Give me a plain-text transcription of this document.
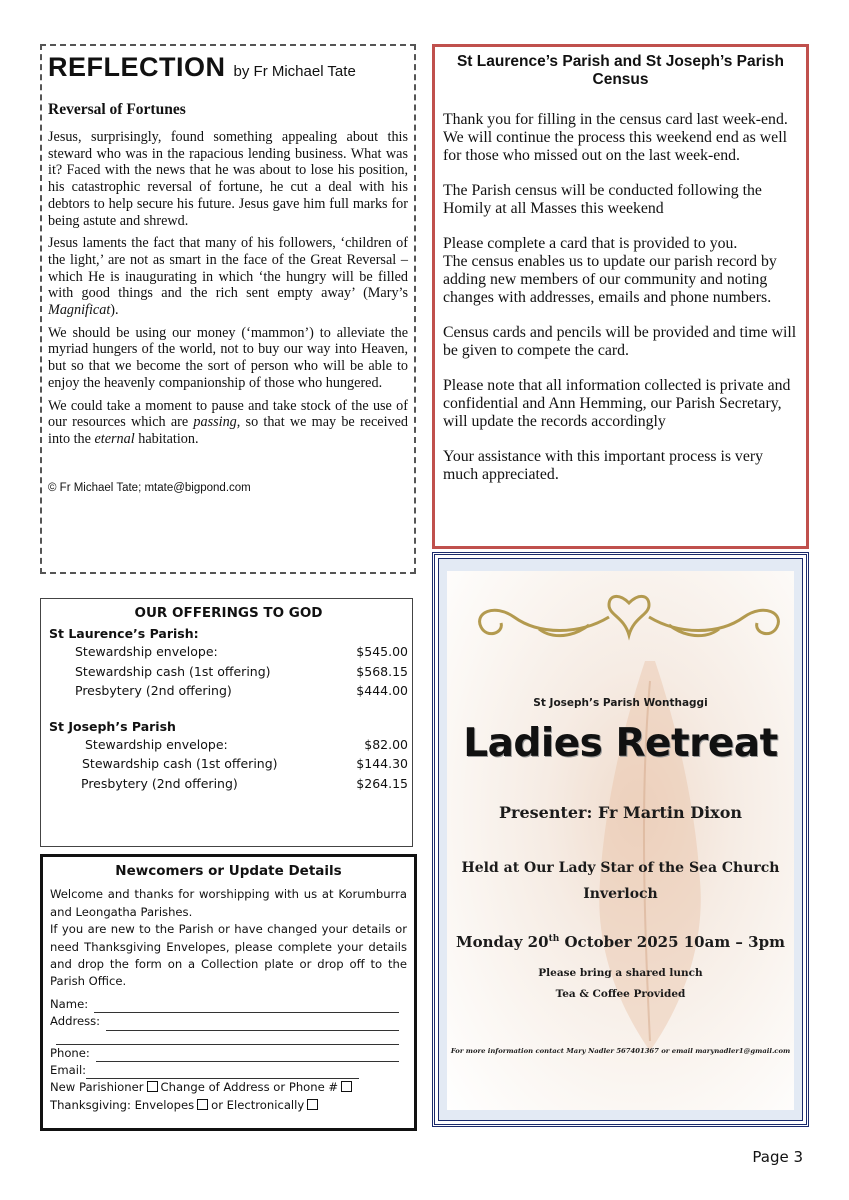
REFLECTION by Fr Michael Tate
Reversal of Fortunes

Jesus, surprisingly, found something appealing about this steward who was in the rapacious lending business. What was it? Faced with the news that he was about to lose his position, his catastrophic reversal of fortune, he cut a deal with his debtors to help secure his future. Jesus gave him full marks for being astute and shrewd.

Jesus laments the fact that many of his followers, ‘children of the light,’ are not as smart in the face of the Great Reversal – which He is inaugurating in which ‘the hungry will be filled with good things and the rich sent empty away’ (Mary’s Magnificat).

We should be using our money (‘mammon’) to alleviate the myriad hungers of the world, not to buy our way into Heaven, but so that we become the sort of person who will be able to enjoy the heavenly companionship of those who hungered.

We could take a moment to pause and take stock of the use of our resources which are passing, so that we may be received into the eternal habitation.

© Fr Michael Tate; mtate@bigpond.com
St Laurence’s Parish and St Joseph’s Parish Census

Thank you for filling in the census card last week-end. We will continue the process this weekend end as well for those who missed out on the last week-end.

The Parish census will be conducted following the Homily at all Masses this weekend

Please complete a card that is provided to you.
The census enables us to update our parish record by adding new members of our community and noting changes with addresses, emails and phone numbers.

Census cards and pencils will be provided and time will be given to compete the card.

Please note that all information collected is private and confidential and Ann Hemming, our Parish Secretary, will update the records accordingly

Your assistance with this important process is very much appreciated.

OUR OFFERINGS TO GOD
St Laurence’s Parish:
Stewardship envelope:	$545.00
Stewardship cash (1st offering)	$568.15
Presbytery (2nd offering)	$444.00
St Joseph’s Parish
Stewardship envelope:	$82.00
Stewardship cash (1st offering)	$144.30
Presbytery (2nd offering)	$264.15
Newcomers or Update Details

Welcome and thanks for worshipping with us at Korumburra and Leongatha Parishes.

If you are new to the Parish or have changed your details or need Thanksgiving Envelopes, please complete your details and drop the form on a Collection plate or drop off to the Parish Office.

Name:
Address:
Phone:
Email:
New Parishioner Change of Address or Phone #
Thanksgiving: Envelopes or Electronically
St Joseph’s Parish Wonthaggi
Ladies Retreat
Presenter: Fr Martin Dixon
Held at Our Lady Star of the Sea Church
Inverloch
Monday 20th October 2025 10am – 3pm
Please bring a shared lunch
Tea & Coffee Provided
For more information contact Mary Nadler 567401367 or email marynadler1@gmail.com
Page 3
